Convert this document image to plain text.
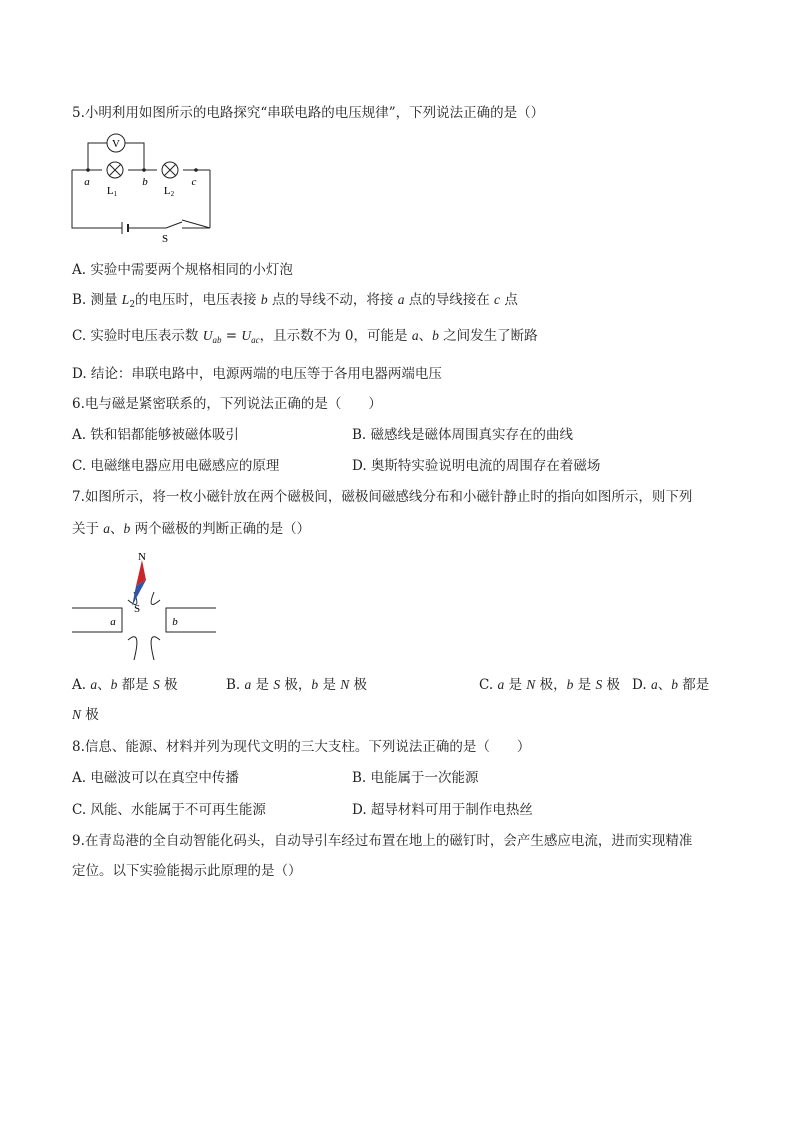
5.小明利用如图所示的电路探究“串联电路的电压规律”，下列说法正确的是（）
V
a	b	c
L1	L2
S
A. 实验中需要两个规格相同的小灯泡
B. 测量 $L_2$的电压时，电压表接 b 点的导线不动，将接 a 点的导线接在 c 点
C. 实验时电压表示数 $U_{ab} = U_{ac}$，且示数不为 0，可能是 a、b 之间发生了断路
D. 结论：串联电路中，电源两端的电压等于各用电器两端电压
6.电与磁是紧密联系的，下列说法正确的是（　　）
A. 铁和铝都能够被磁体吸引	B. 磁感线是磁体周围真实存在的曲线
C. 电磁继电器应用电磁感应的原理	D. 奥斯特实验说明电流的周围存在着磁场
7.如图所示，将一枚小磁针放在两个磁极间，磁极间磁感线分布和小磁针静止时的指向如图所示，则下列
关于 a、b 两个磁极的判断正确的是（）
a	b
N
S
A. a、b 都是 S 极	B. a 是 S 极，b 是 N 极	C. a 是 N 极，b 是 S 极 D. a、b 都是
N 极
8.信息、能源、材料并列为现代文明的三大支柱。下列说法正确的是（　　）
A. 电磁波可以在真空中传播	B. 电能属于一次能源
C. 风能、水能属于不可再生能源	D. 超导材料可用于制作电热丝
9.在青岛港的全自动智能化码头，自动导引车经过布置在地上的磁钉时，会产生感应电流，进而实现精准
定位。以下实验能揭示此原理的是（）
